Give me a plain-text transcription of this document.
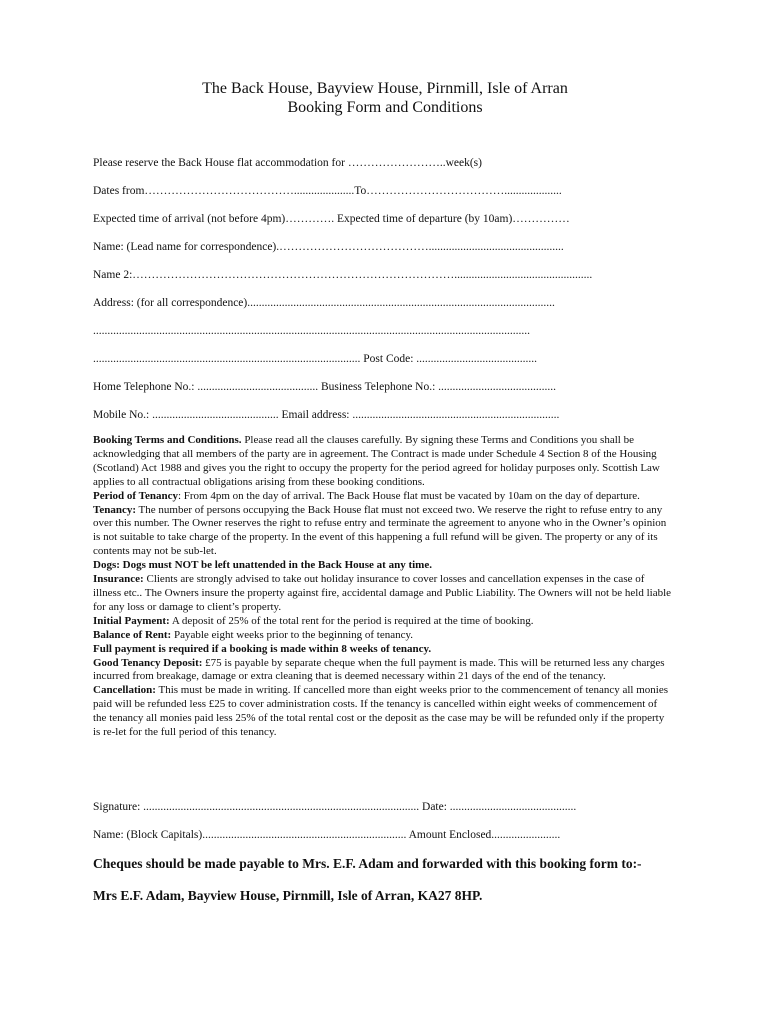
The Back House, Bayview House, Pirnmill, Isle of Arran
Booking Form and Conditions
Please reserve the Back House flat accommodation for ……………………..week(s)
Dates from………………………………….....................To………………………………....................
Expected time of arrival (not before 4pm)…………. Expected time of departure (by 10am)……………
Name: (Lead name for correspondence).…………………………………...............................................
Name 2:…………………………………………………………………………................................................
Address: (for all correspondence)...........................................................................................................
........................................................................................................................................................
............................................................................................. Post Code: ..........................................
Home Telephone No.: .......................................... Business Telephone No.: .........................................
Mobile No.: ............................................ Email address: ........................................................................

Booking Terms and Conditions. Please read all the clauses carefully. By signing these Terms and Conditions you shall be acknowledging that all members of the party are in agreement. The Contract is made under Schedule 4 Section 8 of the Housing (Scotland) Act 1988 and gives you the right to occupy the property for the period agreed for holiday purposes only. Scottish Law applies to all contractual obligations arising from these booking conditions.

Period of Tenancy: From 4pm on the day of arrival. The Back House flat must be vacated by 10am on the day of departure.

Tenancy: The number of persons occupying the Back House flat must not exceed two. We reserve the right to refuse entry to any over this number. The Owner reserves the right to refuse entry and terminate the agreement to anyone who in the Owner’s opinion is not suitable to take charge of the property. In the event of this happening a full refund will be given. The property or any of its contents may not be sub-let.

Dogs: Dogs must NOT be left unattended in the Back House at any time.

Insurance: Clients are strongly advised to take out holiday insurance to cover losses and cancellation expenses in the case of illness etc.. The Owners insure the property against fire, accidental damage and Public Liability. The Owners will not be held liable for any loss or damage to client’s property.

Initial Payment: A deposit of 25% of the total rent for the period is required at the time of booking.

Balance of Rent: Payable eight weeks prior to the beginning of tenancy.

Full payment is required if a booking is made within 8 weeks of tenancy.

Good Tenancy Deposit: £75 is payable by separate cheque when the full payment is made. This will be returned less any charges incurred from breakage, damage or extra cleaning that is deemed necessary within 21 days of the end of the tenancy.

Cancellation: This must be made in writing. If cancelled more than eight weeks prior to the commencement of tenancy all monies paid will be refunded less £25 to cover administration costs. If the tenancy is cancelled within eight weeks of commencement of the tenancy all monies paid less 25% of the total rental cost or the deposit as the case may be will be refunded only if the property is re-let for the full period of this tenancy.

Signature: ................................................................................................ Date: ............................................
Name: (Block Capitals)....................................................................... Amount Enclosed........................
Cheques should be made payable to Mrs. E.F. Adam and forwarded with this booking form to:-
Mrs E.F. Adam, Bayview House, Pirnmill, Isle of Arran, KA27 8HP.
